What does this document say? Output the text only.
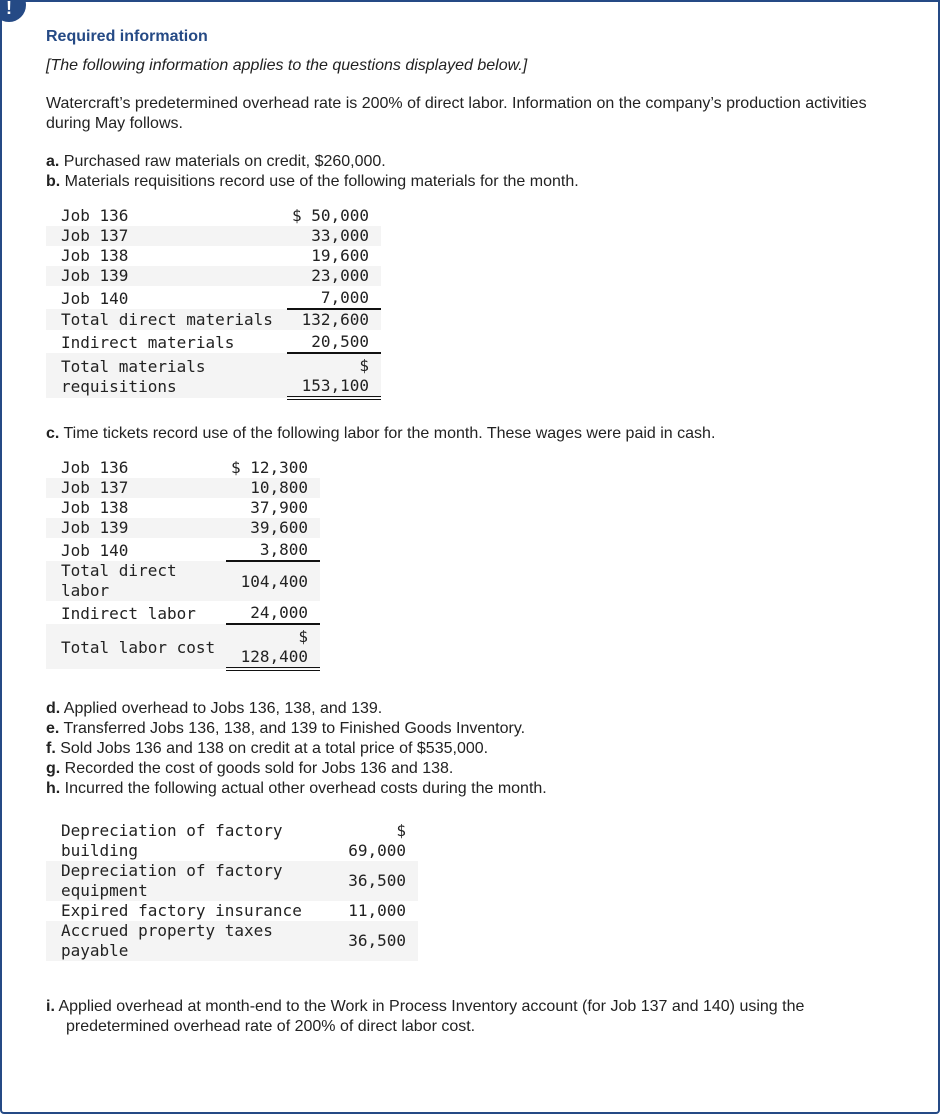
!
Required information

[The following information applies to the questions displayed below.]

Watercraft’s predetermined overhead rate is 200% of direct labor. Information on the company’s production activities during May follows.

a. Purchased raw materials on credit, $260,000.

b. Materials requisitions record use of the following materials for the month.

Job 136	$ 50,000
Job 137	33,000
Job 138	19,600
Job 139	23,000
Job 140	7,000
Total direct materials	132,600
Indirect materials	20,500
Total materials requisitions	$ 153,100

c. Time tickets record use of the following labor for the month. These wages were paid in cash.

Job 136	$ 12,300
Job 137	10,800
Job 138	37,900
Job 139	39,600
Job 140	3,800
Total direct labor	104,400
Indirect labor	24,000
Total labor cost	$ 128,400

d. Applied overhead to Jobs 136, 138, and 139.

e. Transferred Jobs 136, 138, and 139 to Finished Goods Inventory.

f. Sold Jobs 136 and 138 on credit at a total price of $535,000.

g. Recorded the cost of goods sold for Jobs 136 and 138.

h. Incurred the following actual other overhead costs during the month.

Depreciation of factory building	$ 69,000
Depreciation of factory equipment	36,500
Expired factory insurance	11,000
Accrued property taxes payable	36,500

i. Applied overhead at month-end to the Work in Process Inventory account (for Job 137 and 140) using the predetermined overhead rate of 200% of direct labor cost.
